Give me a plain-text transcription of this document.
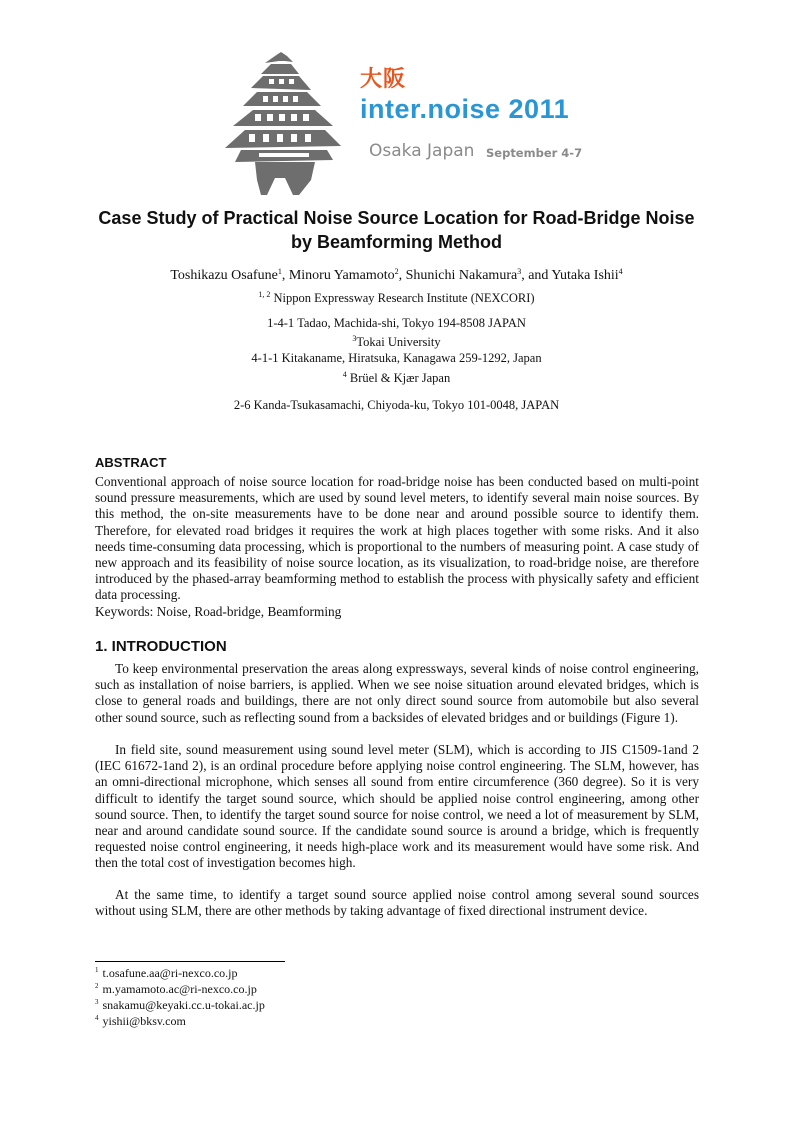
大阪
inter.noise 2011
Osaka Japan September 4-7
Case Study of Practical Noise Source Location for Road-Bridge Noise by Beamforming Method

Toshikazu Osafune$^1$, Minoru Yamamoto$^2$, Shunichi Nakamura$^3$, and Yutaka Ishii$^4$

$^{1, 2}$ Nippon Expressway Research Institute (NEXCORI)

1-4-1 Tadao, Machida-shi, Tokyo 194-8508 JAPAN

$^3$Tokai University

4-1-1 Kitakaname, Hiratsuka, Kanagawa 259-1292, Japan

$^4$ Brüel & Kjær Japan

2-6 Kanda-Tsukasamachi, Chiyoda-ku, Tokyo 101-0048, JAPAN

ABSTRACT

Conventional approach of noise source location for road-bridge noise has been conducted based on multi-point sound pressure measurements, which are used by sound level meters, to identify several main noise sources. By this method, the on-site measurements have to be done near and around possible source to identify them. Therefore, for elevated road bridges it requires the work at high places together with some risks. And it also needs time-consuming data processing, which is proportional to the numbers of measuring point. A case study of new approach and its feasibility of noise source location, as its visualization, to road-bridge noise, are therefore introduced by the phased-array beamforming method to establish the process with physically safety and efficient data processing.

Keywords: Noise, Road-bridge, Beamforming

1. INTRODUCTION

To keep environmental preservation the areas along expressways, several kinds of noise control engineering, such as installation of noise barriers, is applied. When we see noise situation around elevated bridges, which is close to general roads and buildings, there are not only direct sound source from automobile but also several other sound source, such as reflecting sound from a backsides of elevated bridges and or buildings (Figure 1).

In field site, sound measurement using sound level meter (SLM), which is according to JIS C1509-1and 2 (IEC 61672-1and 2), is an ordinal procedure before applying noise control engineering. The SLM, however, has an omni-directional microphone, which senses all sound from entire circumference (360 degree). So it is very difficult to identify the target sound source, which should be applied noise control engineering, among other sound source. Then, to identify the target sound source for noise control, we need a lot of measurement by SLM, near and around candidate sound source. If the candidate sound source is around a bridge, which is frequently requested noise control engineering, it needs high-place work and its measurement would have some risk. And then the total cost of investigation becomes high.

At the same time, to identify a target sound source applied noise control among several sound sources without using SLM, there are other methods by taking advantage of fixed directional instrument device.

$^1$ t.osafune.aa@ri-nexco.co.jp

$^2$ m.yamamoto.ac@ri-nexco.co.jp

$^3$ snakamu@keyaki.cc.u-tokai.ac.jp

$^4$ yishii@bksv.com
